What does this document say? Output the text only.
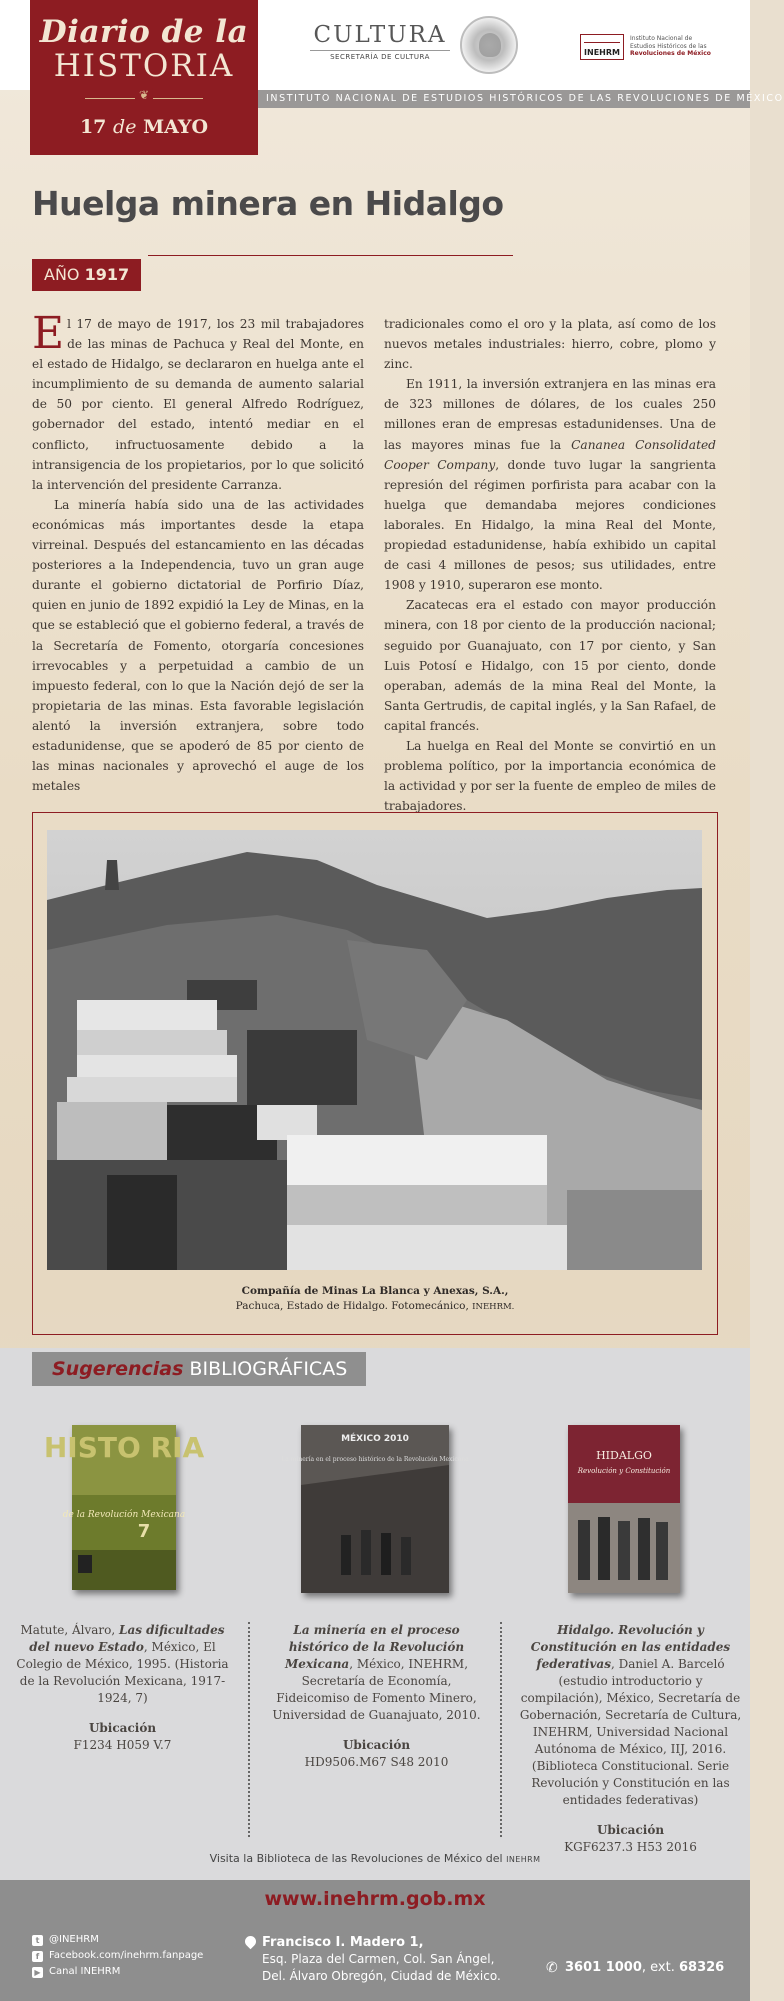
INSTITUTO NACIONAL DE ESTUDIOS HISTÓRICOS DE LAS REVOLUCIONES DE MÉXICO
Diario de la
HISTORIA
❦
17 de MAYO
CULTURA
SECRETARÍA DE CULTURA	INEHRM
Instituto Nacional de
Estudios Históricos de las
Revoluciones de México
Huelga minera en Hidalgo
AÑO 1917

El 17 de mayo de 1917, los 23 mil trabajadores de las minas de Pachuca y Real del Monte, en el estado de Hidalgo, se declararon en huelga ante el incumplimiento de su demanda de aumento salarial de 50 por ciento. El general Alfredo Rodríguez, gobernador del estado, intentó mediar en el conflicto, infructuosamente debido a la intransigencia de los propietarios, por lo que solicitó la intervención del presidente Carranza.

La minería había sido una de las actividades económicas más importantes desde la etapa virreinal. Después del estancamiento en las décadas posteriores a la Independencia, tuvo un gran auge durante el gobierno dictatorial de Porfirio Díaz, quien en junio de 1892 expidió la Ley de Minas, en la que se estableció que el gobierno federal, a través de la Secretaría de Fomento, otorgaría concesiones irrevocables y a perpetuidad a cambio de un impuesto federal, con lo que la Nación dejó de ser la propietaria de las minas. Esta favorable legislación alentó la inversión extranjera, sobre todo estadunidense, que se apoderó de 85 por ciento de las minas nacionales y aprovechó el auge de los metales

tradicionales como el oro y la plata, así como de los nuevos metales industriales: hierro, cobre, plomo y zinc.

En 1911, la inversión extranjera en las minas era de 323 millones de dólares, de los cuales 250 millones eran de empresas estadunidenses. Una de las mayores minas fue la Cananea Consolidated Cooper Company, donde tuvo lugar la sangrienta represión del régimen porfirista para acabar con la huelga que demandaba mejores condiciones laborales. En Hidalgo, la mina Real del Monte, propiedad estadunidense, había exhibido un capital de casi 4 millones de pesos; sus utilidades, entre 1908 y 1910, superaron ese monto.

Zacatecas era el estado con mayor producción minera, con 18 por ciento de la producción nacional; seguido por Guanajuato, con 17 por ciento, y San Luis Potosí e Hidalgo, con 15 por ciento, donde operaban, además de la mina Real del Monte, la Santa Gertrudis, de capital inglés, y la San Rafael, de capital francés.

La huelga en Real del Monte se convirtió en un problema político, por la importancia económica de la actividad y por ser la fuente de empleo de miles de trabajadores.

Compañía de Minas La Blanca y Anexas, S.A.,
Pachuca, Estado de Hidalgo. Fotomecánico, INEHRM.
Sugerencias BIBLIOGRÁFICAS
HISTO RIA
de la Revolución Mexicana
7
MÉXICO 2010
La minería en el proceso histórico de la Revolución Mexicana	HIDALGO
Revolución y Constitución
Matute, Álvaro, Las dificultades del nuevo Estado, México, El Colegio de México, 1995. (Historia de la Revolución Mexicana, 1917-1924, 7)
Ubicación
F1234 H059 V.7
La minería en el proceso histórico de la Revolución Mexicana, México, INEHRM, Secretaría de Economía, Fideicomiso de Fomento Minero, Universidad de Guanajuato, 2010.
Ubicación
HD9506.M67 S48 2010
Hidalgo. Revolución y Constitución en las entidades federativas, Daniel A. Barceló (estudio introductorio y compilación), México, Secretaría de Gobernación, Secretaría de Cultura, INEHRM, Universidad Nacional Autónoma de México, IIJ, 2016. (Biblioteca Constitucional. Serie Revolución y Constitución en las entidades federativas)
Ubicación
KGF6237.3 H53 2016
Visita la Biblioteca de las Revoluciones de México del INEHRM
www.inehrm.gob.mx
t @INEHRM
f Facebook.com/inehrm.fanpage
▶ Canal INEHRM
Francisco I. Madero 1,
Esq. Plaza del Carmen, Col. San Ángel,
Del. Álvaro Obregón, Ciudad de México.	✆ 3601 1000, ext. 68326
